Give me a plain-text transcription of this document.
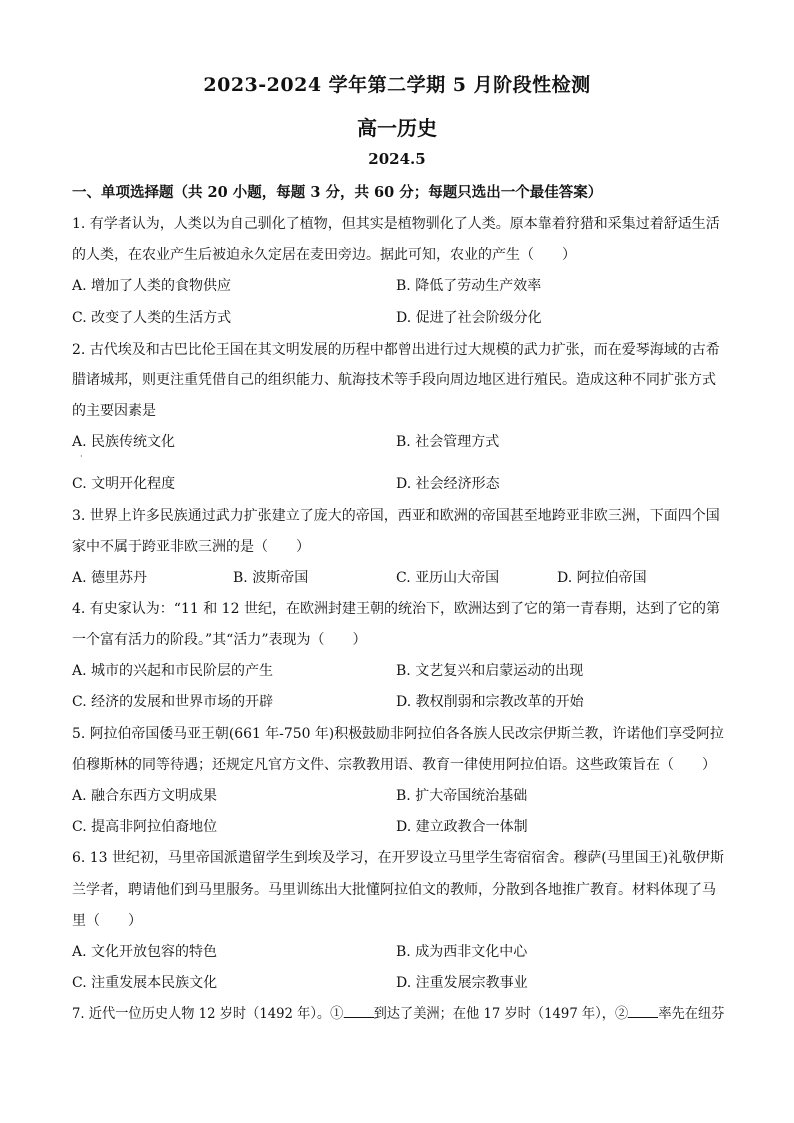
2023-2024 学年第二学期 5 月阶段性检测
高一历史
2024.5
一、单项选择题（共 20 小题，每题 3 分，共 60 分；每题只选出一个最佳答案）
1. 有学者认为，人类以为自己驯化了植物，但其实是植物驯化了人类。原本靠着狩猎和采集过着舒适生活
的人类，在农业产生后被迫永久定居在麦田旁边。据此可知，农业的产生（　　）
A. 增加了人类的食物供应	B. 降低了劳动生产效率
C. 改变了人类的生活方式	D. 促进了社会阶级分化
2. 古代埃及和古巴比伦王国在其文明发展的历程中都曾出进行过大规模的武力扩张，而在爱琴海域的古希
腊诸城邦，则更注重凭借自己的组织能力、航海技术等手段向周边地区进行殖民。造成这种不同扩张方式
的主要因素是
A. 民族传统文化	B. 社会管理方式
·
C. 文明开化程度	D. 社会经济形态
3. 世界上许多民族通过武力扩张建立了庞大的帝国，西亚和欧洲的帝国甚至地跨亚非欧三洲，下面四个国
家中不属于跨亚非欧三洲的是（　　）
A. 德里苏丹	B. 波斯帝国	C. 亚历山大帝国	D. 阿拉伯帝国
4. 有史家认为：“11 和 12 世纪，在欧洲封建王朝的统治下，欧洲达到了它的第一青春期，达到了它的第
一个富有活力的阶段。”其“活力”表现为（　　）
A. 城市的兴起和市民阶层的产生	B. 文艺复兴和启蒙运动的出现
C. 经济的发展和世界市场的开辟	D. 教权削弱和宗教改革的开始
5. 阿拉伯帝国倭马亚王朝(661 年-750 年)积极鼓励非阿拉伯各各族人民改宗伊斯兰教，许诺他们享受阿拉
伯穆斯林的同等待遇；还规定凡官方文件、宗教教用语、教育一律使用阿拉伯语。这些政策旨在（　　）
A. 融合东西方文明成果	B. 扩大帝国统治基础
C. 提高非阿拉伯裔地位	D. 建立政教合一体制
6. 13 世纪初，马里帝国派遣留学生到埃及学习，在开罗设立马里学生寄宿宿舍。穆萨(马里国王)礼敬伊斯
兰学者，聘请他们到马里服务。马里训练出大批懂阿拉伯文的教师，分散到各地推广教育。材料体现了马
里（　　）
A. 文化开放包容的特色	B. 成为西非文化中心
C. 注重发展本民族文化	D. 注重发展宗教事业
7. 近代一位历史人物 12 岁时（1492 年）。① 到达了美洲；在他 17 岁时（1497 年），② 率先在纽芬
